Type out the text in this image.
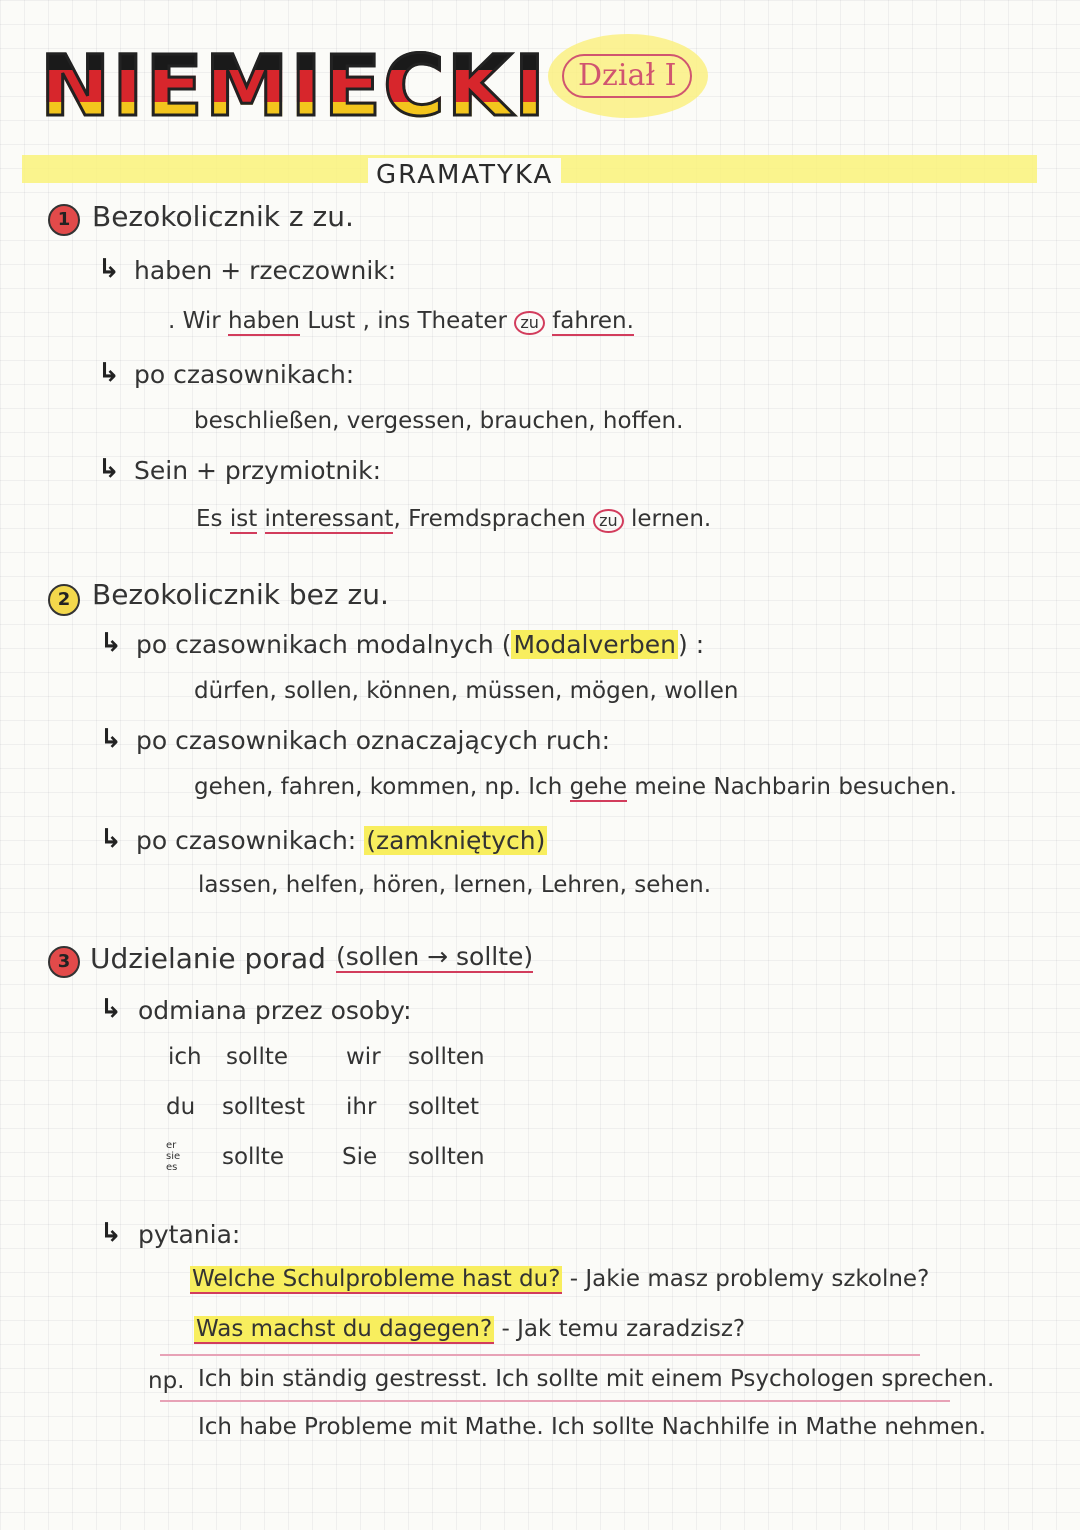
NIEMIECKI	Dział I
GRAMATYKA
1 Bezokolicznik z zu.
↳ haben + rzeczownik:
. Wir haben Lust , ins Theater zu fahren.
↳ po czasownikach:
beschließen, vergessen, brauchen, hoffen.
↳ Sein + przymiotnik:
Es ist interessant, Fremdsprachen zu lernen.
2 Bezokolicznik bez zu.
↳ po czasownikach modalnych (Modalverben) :
dürfen, sollen, können, müssen, mögen, wollen
↳ po czasownikach oznaczających ruch:
gehen, fahren, kommen, np. Ich gehe meine Nachbarin besuchen.
↳ po czasownikach: (zamkniętych)
lassen, helfen, hören, lernen, Lehren, sehen.
3 Udzielanie porad (sollen → sollte)
↳ odmiana przez osoby:
ich sollte	wir sollten
du solltest ihr solltet
er sie es	sollte	Sie sollten
↳ pytania:
Welche Schulprobleme hast du? - Jakie masz problemy szkolne?
Was machst du dagegen? - Jak temu zaradzisz?
np. Ich bin ständig gestresst. Ich sollte mit einem Psychologen sprechen.
Ich habe Probleme mit Mathe. Ich sollte Nachhilfe in Mathe nehmen.
